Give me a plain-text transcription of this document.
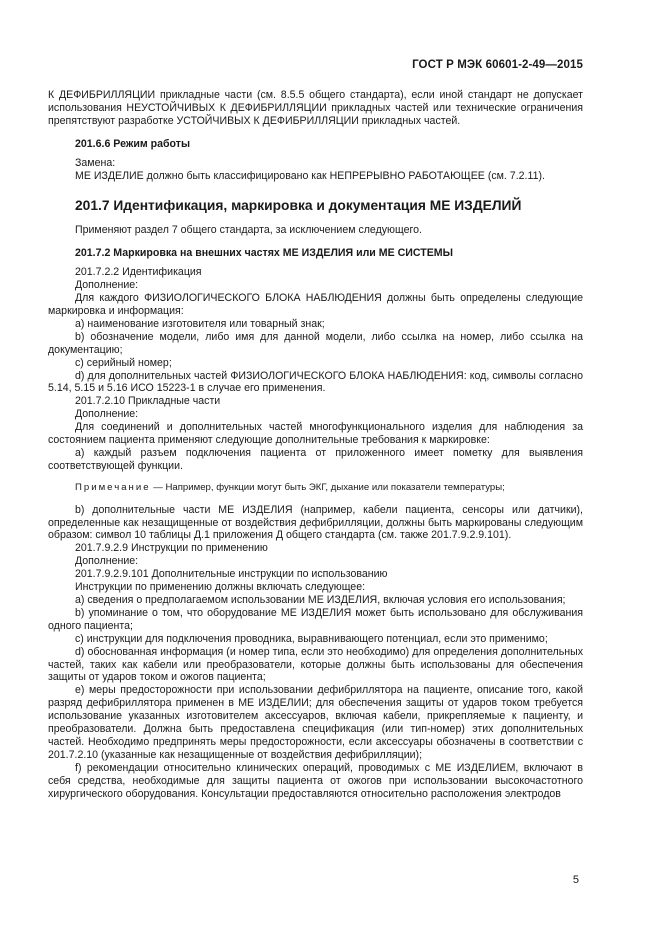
ГОСТ Р МЭК 60601-2-49—2015

К ДЕФИБРИЛЛЯЦИИ прикладные части (см. 8.5.5 общего стандарта), если иной стандарт не допускает использования НЕУСТОЙЧИВЫХ К ДЕФИБРИЛЛЯЦИИ прикладных частей или технические ограничения препятствуют разработке УСТОЙЧИВЫХ К ДЕФИБРИЛЛЯЦИИ прикладных частей.

201.6.6 Режим работы

Замена:

МЕ ИЗДЕЛИЕ должно быть классифицировано как НЕПРЕРЫВНО РАБОТАЮЩЕЕ (см. 7.2.11).

201.7 Идентификация, маркировка и документация МЕ ИЗДЕЛИЙ

Применяют раздел 7 общего стандарта, за исключением следующего.

201.7.2 Маркировка на внешних частях МЕ ИЗДЕЛИЯ или МЕ СИСТЕМЫ

201.7.2.2 Идентификация

Дополнение:

Для каждого ФИЗИОЛОГИЧЕСКОГО БЛОКА НАБЛЮДЕНИЯ должны быть определены следующие маркировка и информация:

а) наименование изготовителя или товарный знак;

b) обозначение модели, либо имя для данной модели, либо ссылка на номер, либо ссылка на документацию;

c) серийный номер;

d) для дополнительных частей ФИЗИОЛОГИЧЕСКОГО БЛОКА НАБЛЮДЕНИЯ: код, символы согласно 5.14, 5.15 и 5.16 ИСО 15223-1 в случае его применения.

201.7.2.10 Прикладные части

Дополнение:

Для соединений и дополнительных частей многофункционального изделия для наблюдения за состоянием пациента применяют следующие дополнительные требования к маркировке:

а) каждый разъем подключения пациента от приложенного имеет пометку для выявления соответствующей функции.

Примечание — Например, функции могут быть ЭКГ, дыхание или показатели температуры;

b) дополнительные части МЕ ИЗДЕЛИЯ (например, кабели пациента, сенсоры или датчики), определенные как незащищенные от воздействия дефибрилляции, должны быть маркированы следующим образом: символ 10 таблицы Д.1 приложения Д общего стандарта (см. также 201.7.9.2.9.101).

201.7.9.2.9 Инструкции по применению

Дополнение:

201.7.9.2.9.101 Дополнительные инструкции по использованию

Инструкции по применению должны включать следующее:

а) сведения о предполагаемом использовании МЕ ИЗДЕЛИЯ, включая условия его использования;

b) упоминание о том, что оборудование МЕ ИЗДЕЛИЯ может быть использовано для обслуживания одного пациента;

c) инструкции для подключения проводника, выравнивающего потенциал, если это применимо;

d) обоснованная информация (и номер типа, если это необходимо) для определения дополнительных частей, таких как кабели или преобразователи, которые должны быть использованы для обеспечения защиты от ударов током и ожогов пациента;

е) меры предосторожности при использовании дефибриллятора на пациенте, описание того, какой разряд дефибриллятора применен в МЕ ИЗДЕЛИИ; для обеспечения защиты от ударов током требуется использование указанных изготовителем аксессуаров, включая кабели, прикрепляемые к пациенту, и преобразователи. Должна быть предоставлена спецификация (или тип-номер) этих дополнительных частей. Необходимо предпринять меры предосторожности, если аксессуары обозначены в соответствии с 201.7.2.10 (указанные как незащищенные от воздействия дефибрилляции);

f) рекомендации относительно клинических операций, проводимых с МЕ ИЗДЕЛИЕМ, включают в себя средства, необходимые для защиты пациента от ожогов при использовании высокочастотного хирургического оборудования. Консультации предоставляются относительно расположения электродов

5
